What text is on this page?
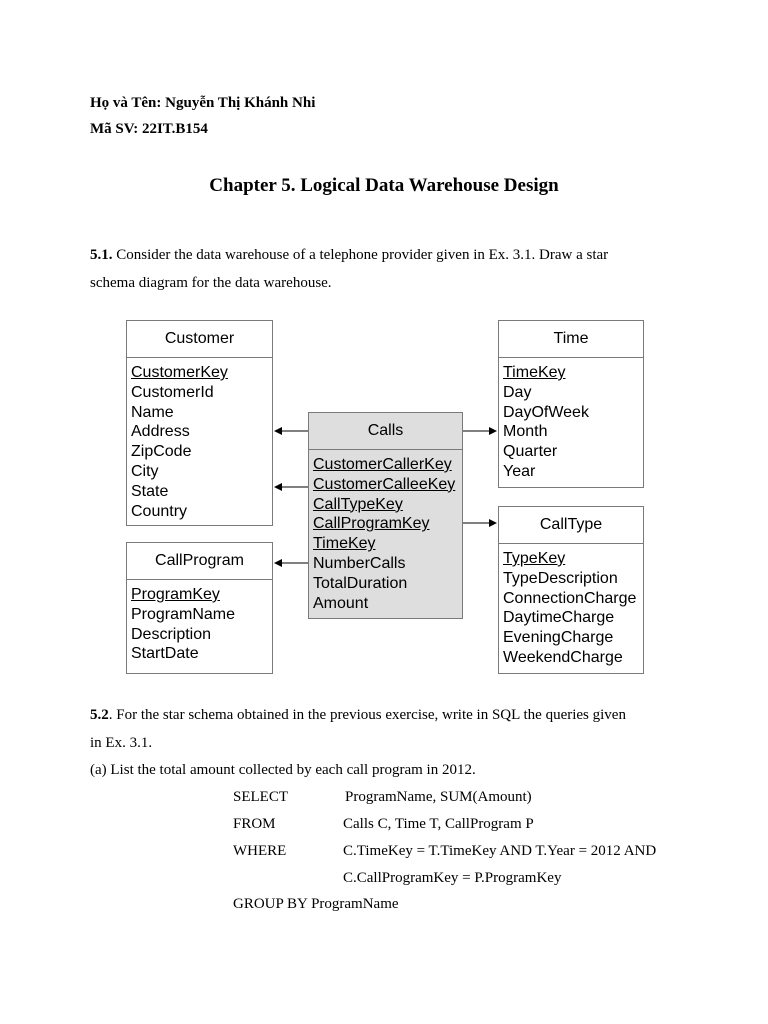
Họ và Tên: Nguyễn Thị Khánh Nhi
Mã SV: 22IT.B154
Chapter 5. Logical Data Warehouse Design
5.1. Consider the data warehouse of a telephone provider given in Ex. 3.1. Draw a star
schema diagram for the data warehouse.
Customer
CustomerKey
CustomerId
Name
Address
ZipCode
City
State
Country
Time
TimeKey
Day
DayOfWeek
Month
Quarter
Year
Calls
CustomerCallerKey
CustomerCalleeKey
CallTypeKey
CallProgramKey
TimeKey
NumberCalls
TotalDuration
Amount
CallProgram
ProgramKey
ProgramName
Description
StartDate
CallType
TypeKey
TypeDescription
ConnectionCharge
DaytimeCharge
EveningCharge
WeekendCharge
5.2. For the star schema obtained in the previous exercise, write in SQL the queries given
in Ex. 3.1.
(a) List the total amount collected by each call program in 2012.
SELECT	ProgramName, SUM(Amount)
FROM	Calls C, Time T, CallProgram P
WHERE	C.TimeKey = T.TimeKey AND T.Year = 2012 AND
C.CallProgramKey = P.ProgramKey
GROUP BY ProgramName
